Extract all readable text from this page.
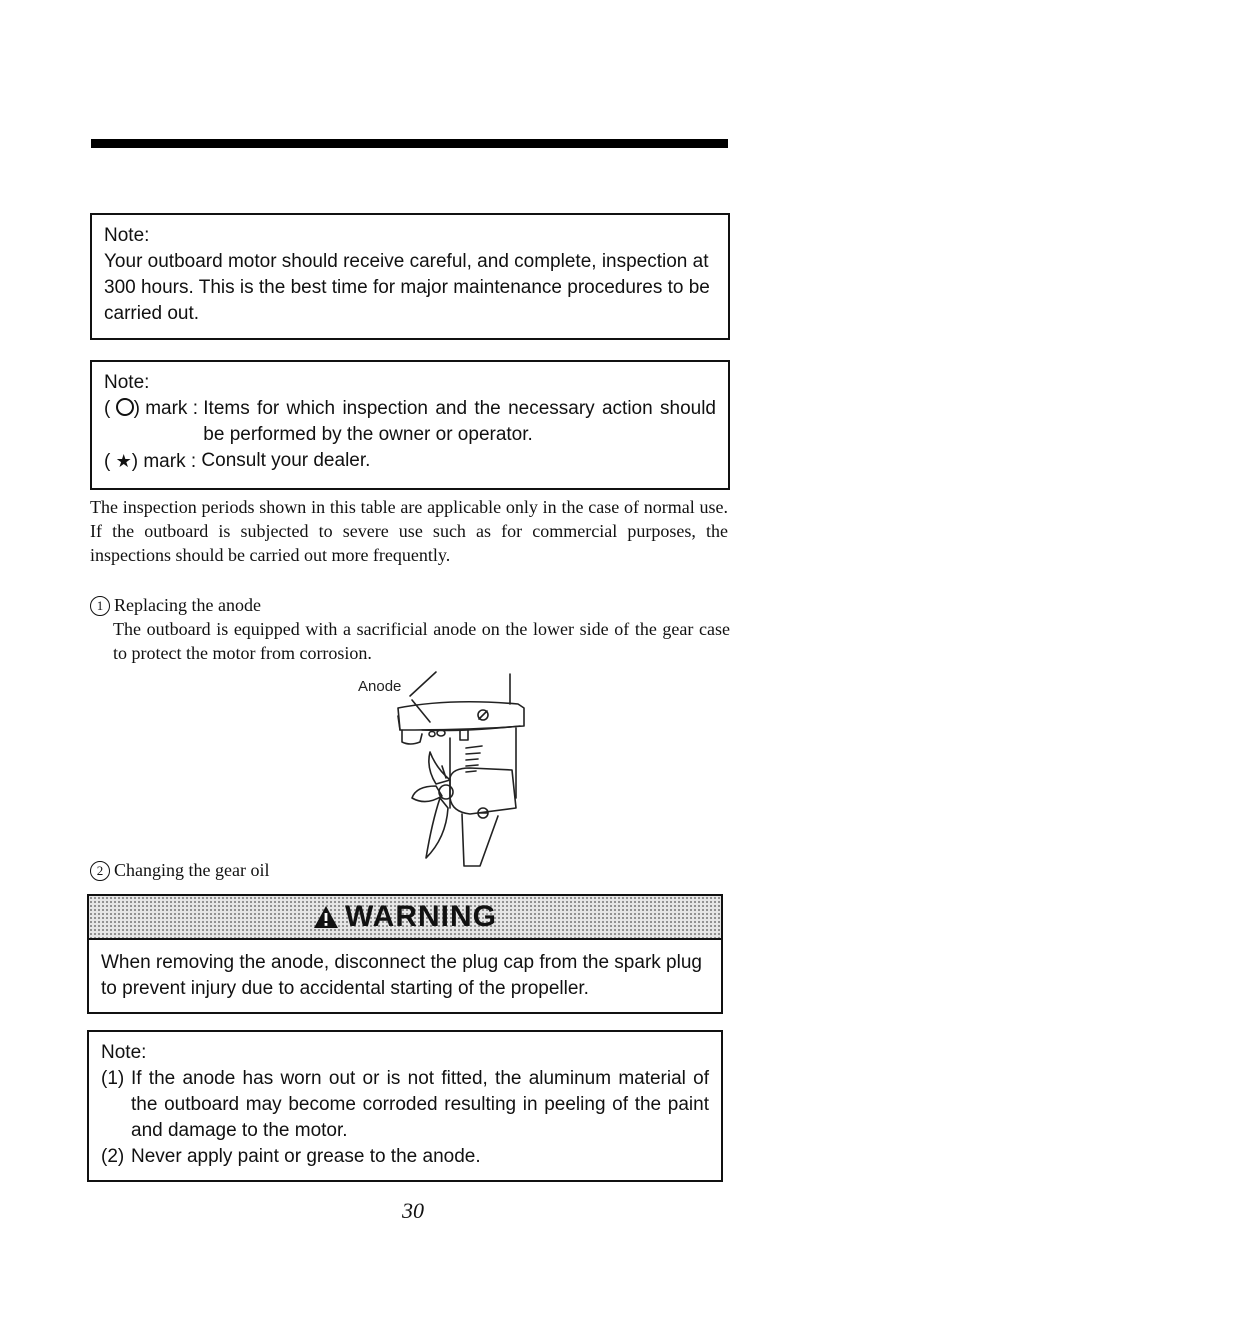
Note:
Your outboard motor should receive careful, and complete, inspection at 300 hours. This is the best time for major maintenance procedures to be carried out.
Note:
( ○) mark : Items for which inspection and the necessary action should be performed by the owner or operator.
( ★) mark : Consult your dealer.
The inspection periods shown in this table are applicable only in the case of normal use. If the outboard is subjected to severe use such as for commercial purposes, the inspections should be carried out more frequently.
1 Replacing the anode
The outboard is equipped with a sacrificial anode on the lower side of the gear case to protect the motor from corrosion.
Anode
2 Changing the gear oil
WARNING
When removing the anode, disconnect the plug cap from the spark plug to prevent injury due to accidental starting of the propeller.
Note:
(1) If the anode has worn out or is not fitted, the aluminum material of the outboard may become corroded resulting in peeling of the paint and damage to the motor.
(2) Never apply paint or grease to the anode.
30
